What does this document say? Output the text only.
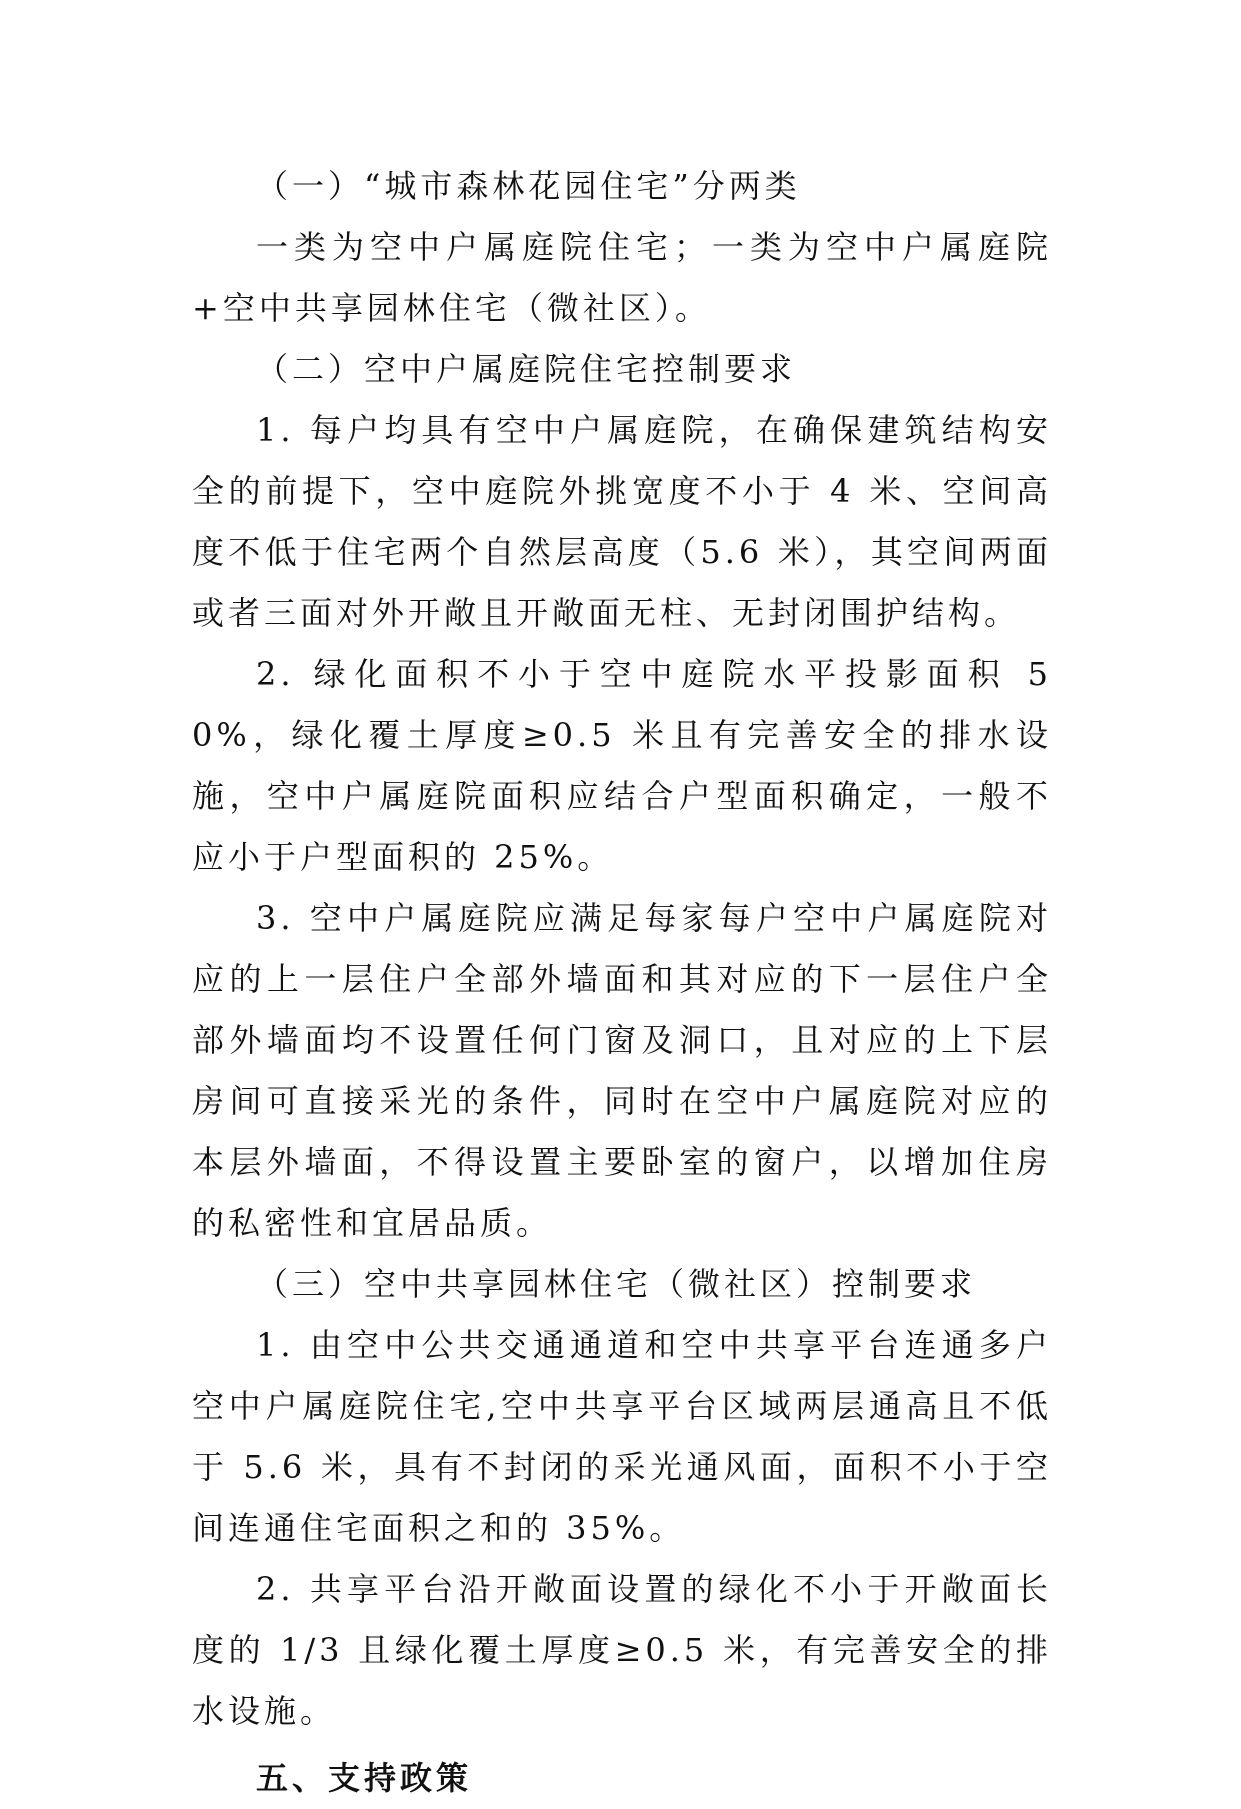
（一）“城市森林花园住宅”分两类

一类为空中户属庭院住宅；一类为空中户属庭院+空中共享园林住宅（微社区）。

（二）空中户属庭院住宅控制要求

1. 每户均具有空中户属庭院，在确保建筑结构安全的前提下，空中庭院外挑宽度不小于 4 米、空间高度不低于住宅两个自然层高度（5.6 米），其空间两面或者三面对外开敞且开敞面无柱、无封闭围护结构。

2. 绿化面积不小于空中庭院水平投影面积 50%，绿化覆土厚度≥0.5 米且有完善安全的排水设施，空中户属庭院面积应结合户型面积确定，一般不应小于户型面积的 25%。

3. 空中户属庭院应满足每家每户空中户属庭院对应的上一层住户全部外墙面和其对应的下一层住户全部外墙面均不设置任何门窗及洞口，且对应的上下层房间可直接采光的条件，同时在空中户属庭院对应的本层外墙面，不得设置主要卧室的窗户，以增加住房的私密性和宜居品质。

（三）空中共享园林住宅（微社区）控制要求

1. 由空中公共交通通道和空中共享平台连通多户空中户属庭院住宅,空中共享平台区域两层通高且不低于 5.6 米，具有不封闭的采光通风面，面积不小于空间连通住宅面积之和的 35%。

2. 共享平台沿开敞面设置的绿化不小于开敞面长度的 1/3 且绿化覆土厚度≥0.5 米，有完善安全的排水设施。

五、支持政策
